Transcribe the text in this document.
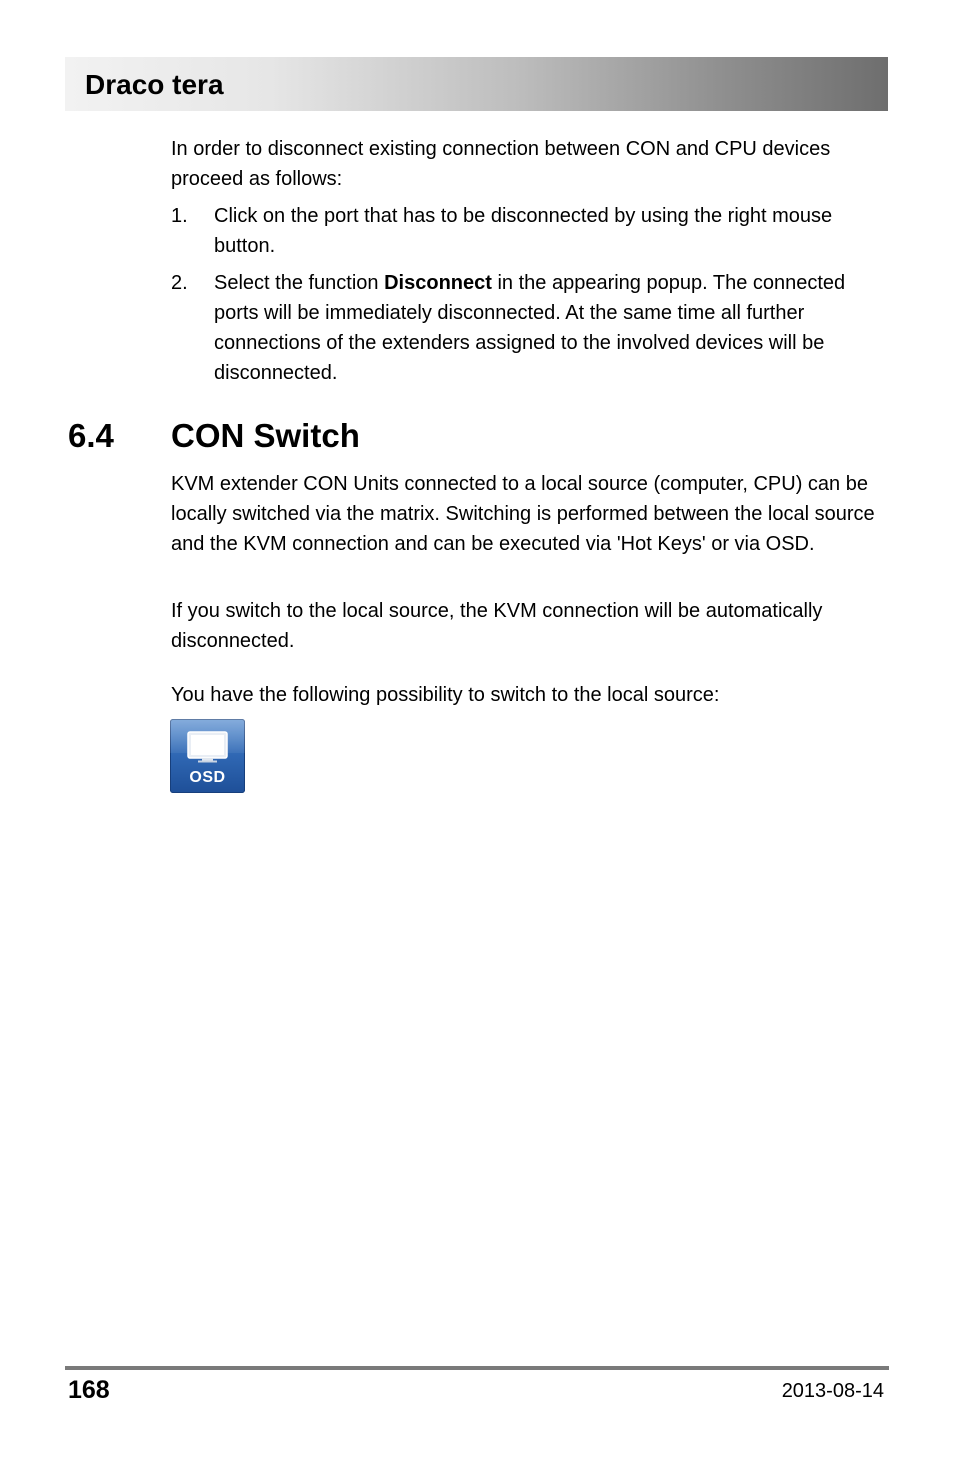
Draco tera

In order to disconnect existing connection between CON and CPU devices proceed as follows:

1.	Click on the port that has to be disconnected by using the right mouse button.
2.	Select the function Disconnect in the appearing popup. The connected ports will be immediately disconnected. At the same time all further connections of the extenders assigned to the involved devices will be disconnected.
6.4 CON Switch

KVM extender CON Units connected to a local source (computer, CPU) can be locally switched via the matrix. Switching is performed between the local source and the KVM connection and can be executed via 'Hot Keys' or via OSD.

If you switch to the local source, the KVM connection will be automatically disconnected.

You have the following possibility to switch to the local source:

OSD
168	2013-08-14
